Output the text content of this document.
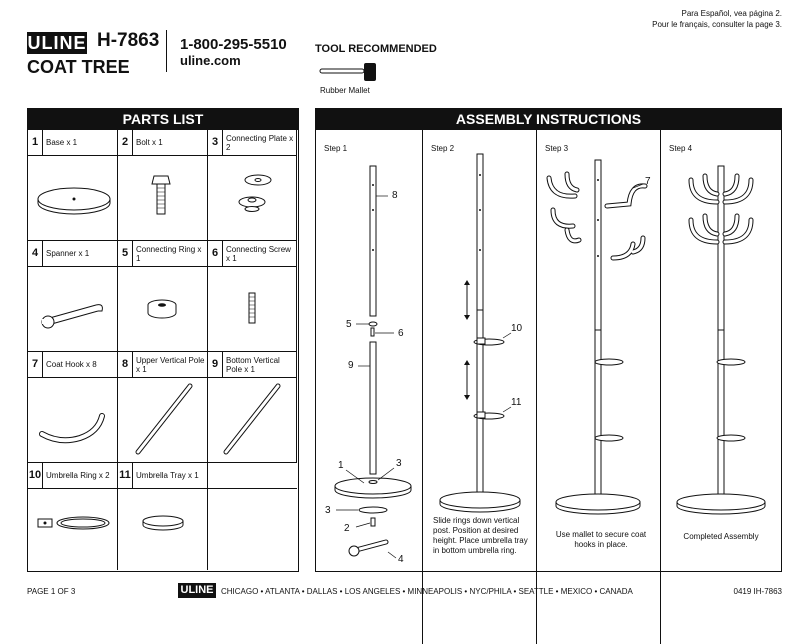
ULINE H-7863
COAT TREE
1-800-295-5510
uline.com
Para Español, vea página 2.
Pour le français, consulter la page 3.
TOOL RECOMMENDED
Rubber Mallet
PARTS LIST
1 Base x 1	2 Bolt x 1	3 Connecting Plate x 2
4 Spanner x 1	5 Connecting Ring x 1	6 Connecting Screw x 1
7 Coat Hook x 8	8 Upper Vertical Pole x 1	9 Bottom Vertical Pole x 1
10 Umbrella Ring x 2 11 Umbrella Tray x 1
ASSEMBLY INSTRUCTIONS
Step 1
8
5
6
9
1	3
3
2
4
Step 2
10
11
Slide rings down vertical post. Position at desired height. Place umbrella tray in bottom umbrella ring.
Step 3
7
Use mallet to secure coat hooks in place.
Step 4
Completed Assembly
PAGE 1 OF 3	ULINE CHICAGO • ATLANTA • DALLAS • LOS ANGELES • MINNEAPOLIS • NYC/PHILA • SEATTLE • MEXICO • CANADA	0419 IH-7863
